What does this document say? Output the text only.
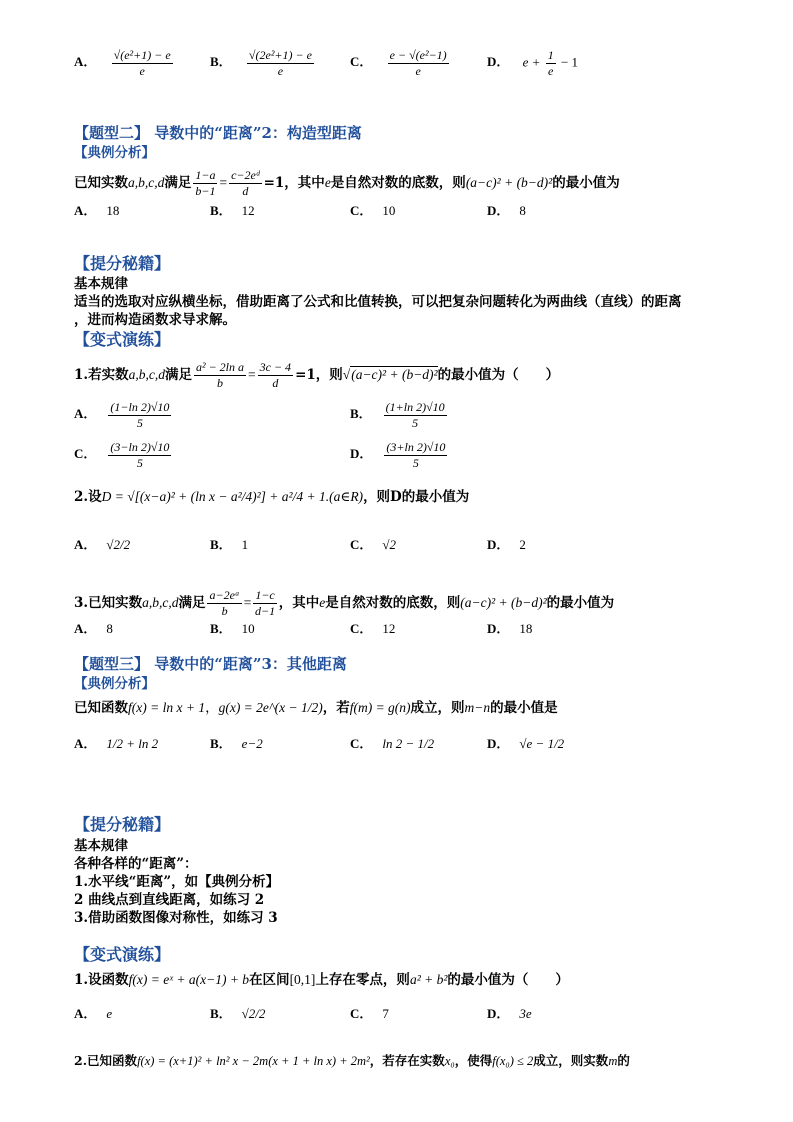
A． $\frac{\text{√(e²+1) − e}}{e}$	B． $\frac{\text{√(2e²+1) − e}}{e}$	C． $\frac{\text{e − √(e²−1)}}{e}$	D． $e + \frac{1}{e} - 1$
【题型二】 导数中的“距离”2：构造型距离
【典例分析】
已知实数a,b,c,d满足 $\frac{1-a}{b-1} = \frac{\text{c−2eᵈ}}{d} =1$，其中e是自然对数的底数，则(a−c)² + (b−d)²的最小值为
A． 18	B． 12	C． 10	D． 8
【提分秘籍】
基本规律
适当的选取对应纵横坐标，借助距离了公式和比值转换，可以把复杂问题转化为两曲线（直线）的距离
，进而构造函数求导求解。
【变式演练】
1.若实数a,b,c,d满足 $\frac{\text{a² − 2ln a}}{b} = \frac{3c - 4}{d} =1$，则√(a−c)² + (b−d)²的最小值为（　　）
A． $\frac{(1-\ln 2)√10}{5}$	B． $\frac{(1+\ln 2)√10}{5}$
C． $\frac{(3-\ln 2)√10}{5}$	D． $\frac{(3+\ln 2)√10}{5}$
2.设D = √[(x−a)² + (ln x − a²/4)²] + a²/4 + 1.(a∈R)，则D的最小值为
A． √2/2	B． 1	C． √2	D． 2
3.已知实数a,b,c,d满足 $\frac{\text{a−2eᵃ}}{b} = \frac{1-c}{d-1}$ ，其中e是自然对数的底数，则(a−c)² + (b−d)²的最小值为
A． 8	B． 10	C． 12	D． 18
【题型三】 导数中的“距离”3：其他距离
【典例分析】
已知函数f(x) = ln x + 1，g(x) = 2e^(x − 1/2)，若f(m) = g(n)成立，则m−n的最小值是
A． 1/2 + ln 2	B． e−2	C． ln 2 − 1/2	D． √e − 1/2
【提分秘籍】
基本规律
各种各样的“距离”：
1.水平线“距离”，如【典例分析】
2 曲线点到直线距离，如练习 2
3.借助函数图像对称性，如练习 3
【变式演练】
1.设函数f(x) = eˣ + a(x−1) + b在区间[0,1]上存在零点，则a² + b²的最小值为（　　）
A． e	B． √2/2	C． 7	D． 3e
2.已知函数f(x) = (x+1)² + ln² x − 2m(x + 1 + ln x) + 2m²，若存在实数x₀，使得f(x₀) ≤ 2成立，则实数m的
